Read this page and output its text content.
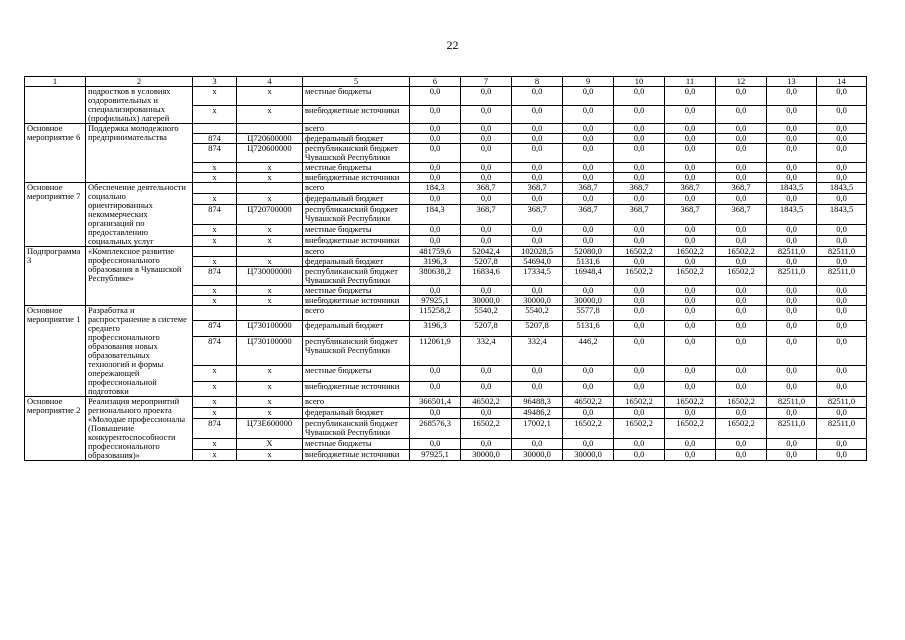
22
1	2	3	4	5	6	7	8	9	10	11	12	13	14
	подростков в условиях оздоровительных и специализированных (профильных) лагерей	x	x	местные бюджеты	0,0	0,0	0,0	0,0	0,0	0,0	0,0	0,0	0,0
		x	x	внебюджетные источники	0,0	0,0	0,0	0,0	0,0	0,0	0,0	0,0	0,0
Основное мероприятие 6	Поддержка молодежного предпринимательства			всего	0,0	0,0	0,0	0,0	0,0	0,0	0,0	0,0	0,0
		874	Ц720600000	федеральный бюджет	0,0	0,0	0,0	0,0	0,0	0,0	0,0	0,0	0,0
		874	Ц720600000	республиканский бюджет Чувашской Республики	0,0	0,0	0,0	0,0	0,0	0,0	0,0	0,0	0,0
		x	x	местные бюджеты	0,0	0,0	0,0	0,0	0,0	0,0	0,0	0,0	0,0
		x	x	внебюджетные источники	0,0	0,0	0,0	0,0	0,0	0,0	0,0	0,0	0,0
Основное мероприятие 7	Обеспечение деятельности социально ориентированных некоммерческих организаций по предоставлению социальных услуг			всего	184,3	368,7	368,7	368,7	368,7	368,7	368,7	1843,5	1843,5
		x	x	федеральный бюджет	0,0	0,0	0,0	0,0	0,0	0,0	0,0	0,0	0,0
		874	Ц720700000	республиканский бюджет Чувашской Республики	184,3	368,7	368,7	368,7	368,7	368,7	368,7	1843,5	1843,5
		x	x	местные бюджеты	0,0	0,0	0,0	0,0	0,0	0,0	0,0	0,0	0,0
		x	x	внебюджетные источники	0,0	0,0	0,0	0,0	0,0	0,0	0,0	0,0	0,0
Подпрограмма 3	«Комплексное развитие профессионального образования в Чувашской Республике»			всего	481759,6	52042,4	102028,5	52080,0	16502,2	16502,2	16502,2	82511,0	82511,0
		x	x	федеральный бюджет	3196,3	5207,8	54694,0	5131,6	0,0	0,0	0,0	0,0	0,0
		874	Ц730000000	республиканский бюджет Чувашской Республики	380638,2	16834,6	17334,5	16948,4	16502,2	16502,2	16502,2	82511,0	82511,0
		x	x	местные бюджеты	0,0	0,0	0,0	0,0	0,0	0,0	0,0	0,0	0,0
		x	x	внебюджетные источники	97925,1	30000,0	30000,0	30000,0	0,0	0,0	0,0	0,0	0,0
Основное мероприятие 1	Разработка и распространение в системе среднего профессионального образования новых образовательных технологий и формы опережающей профессиональной подготовки			всего	115258,2	5540,2	5540,2	5577,8	0,0	0,0	0,0	0,0	0,0
		874	Ц730100000	федеральный бюджет	3196,3	5207,8	5207,8	5131,6	0,0	0,0	0,0	0,0	0,0
		874	Ц730100000	республиканский бюджет Чувашской Республики	112061,9	332,4	332,4	446,2	0,0	0,0	0,0	0,0	0,0
		x	x	местные бюджеты	0,0	0,0	0,0	0,0	0,0	0,0	0,0	0,0	0,0
		x	x	внебюджетные источники	0,0	0,0	0,0	0,0	0,0	0,0	0,0	0,0	0,0
Основное мероприятие 2	Реализация мероприятий регионального проекта «Молодые профессионалы (Повышение конкурентоспособности профессионального образования)»	x	x	всего	366501,4	46502,2	96488,3	46502,2	16502,2	16502,2	16502,2	82511,0	82511,0
		x	x	федеральный бюджет	0,0	0,0	49486,2	0,0	0,0	0,0	0,0	0,0	0,0
		874	Ц73Е600000	республиканский бюджет Чувашской Республики	268576,3	16502,2	17002,1	16502,2	16502,2	16502,2	16502,2	82511,0	82511,0
		x	X	местные бюджеты	0,0	0,0	0,0	0,0	0,0	0,0	0,0	0,0	0,0
		x	x	внебюджетные источники	97925,1	30000,0	30000,0	30000,0	0,0	0,0	0,0	0,0	0,0
